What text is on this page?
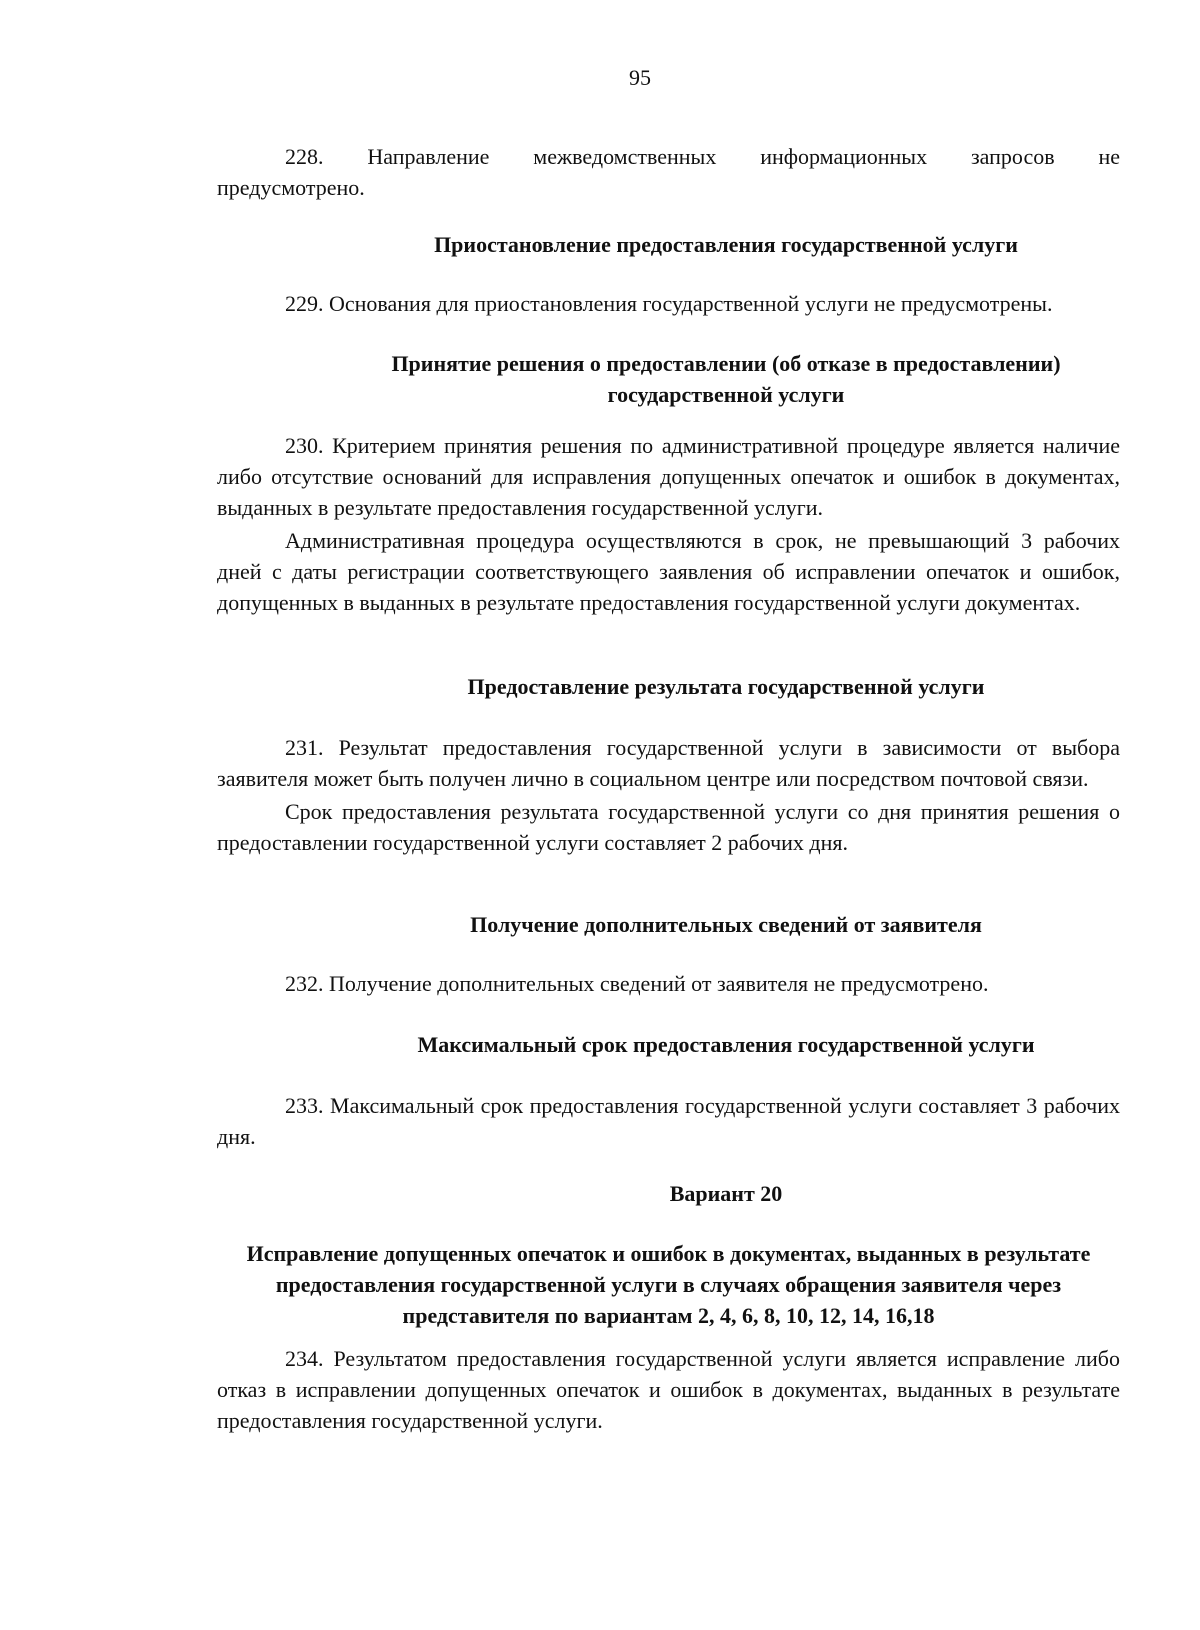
95

228. Направление межведомственных информационных запросов не

предусмотрено.

Приостановление предоставления государственной услуги

229. Основания для приостановления государственной услуги не предусмотрены.

Принятие решения о предоставлении (об отказе в предоставлении)

государственной услуги

230. Критерием принятия решения по административной процедуре является наличие либо отсутствие оснований для исправления допущенных опечаток и ошибок в документах, выданных в результате предоставления государственной услуги.

Административная процедура осуществляются в срок, не превышающий 3 рабочих дней с даты регистрации соответствующего заявления об исправлении опечаток и ошибок, допущенных в выданных в результате предоставления государственной услуги документах.

Предоставление результата государственной услуги

231. Результат предоставления государственной услуги в зависимости от выбора заявителя может быть получен лично в социальном центре или посредством почтовой связи.

Срок предоставления результата государственной услуги со дня принятия решения о предоставлении государственной услуги составляет 2 рабочих дня.

Получение дополнительных сведений от заявителя

232. Получение дополнительных сведений от заявителя не предусмотрено.

Максимальный срок предоставления государственной услуги

233. Максимальный срок предоставления государственной услуги составляет 3 рабочих дня.

Вариант 20

Исправление допущенных опечаток и ошибок в документах, выданных в результате

предоставления государственной услуги в случаях обращения заявителя через

представителя по вариантам 2, 4, 6, 8, 10, 12, 14, 16,18

234. Результатом предоставления государственной услуги является исправление либо отказ в исправлении допущенных опечаток и ошибок в документах, выданных в результате предоставления государственной услуги.
